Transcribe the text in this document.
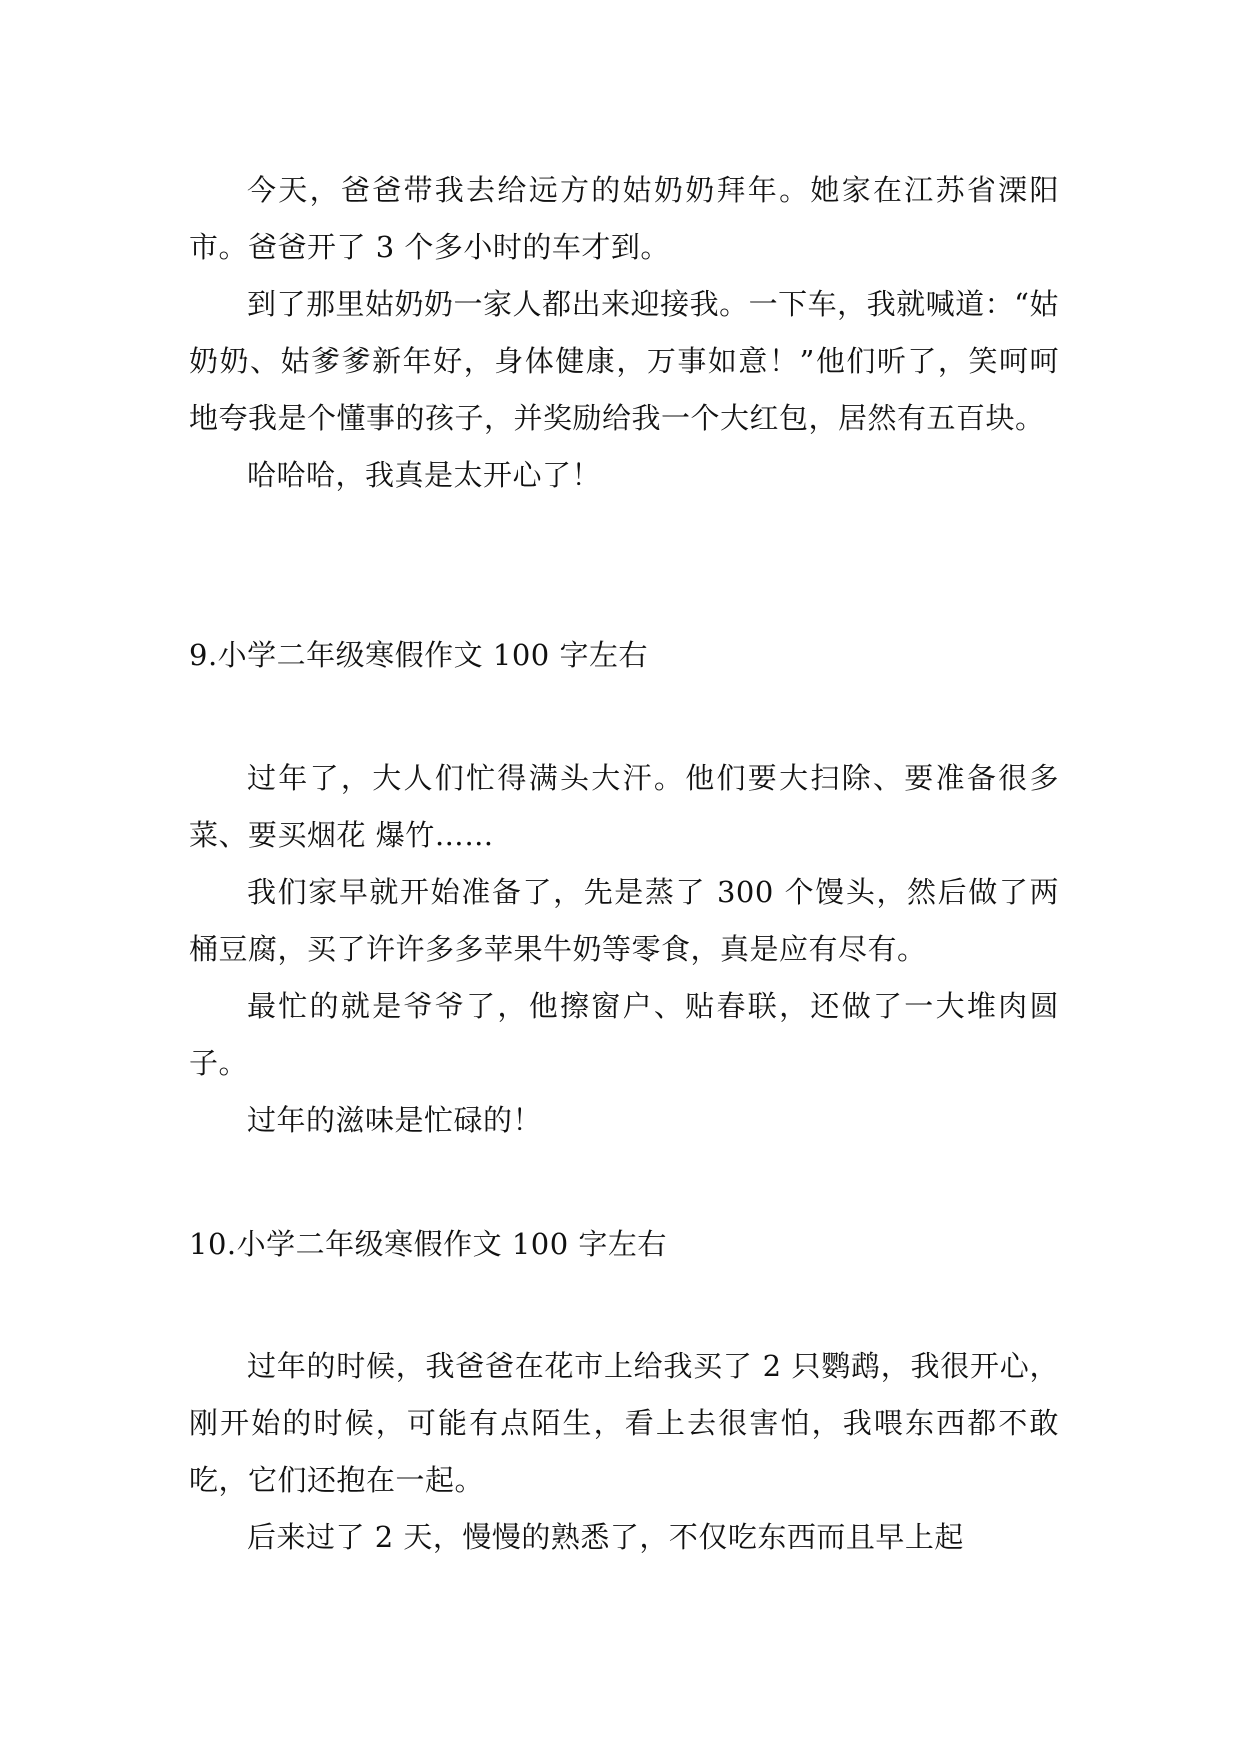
今天，爸爸带我去给远方的姑奶奶拜年。她家在江苏省溧阳市。爸爸开了 3 个多小时的车才到。

到了那里姑奶奶一家人都出来迎接我。一下车，我就喊道：“姑奶奶、姑爹爹新年好，身体健康，万事如意！”他们听了，笑呵呵地夸我是个懂事的孩子，并奖励给我一个大红包，居然有五百块。

哈哈哈，我真是太开心了！

9.小学二年级寒假作文 100 字左右

过年了，大人们忙得满头大汗。他们要大扫除、要准备很多菜、要买烟花 爆竹……

我们家早就开始准备了，先是蒸了 300 个馒头，然后做了两桶豆腐，买了许许多多苹果牛奶等零食，真是应有尽有。

最忙的就是爷爷了，他擦窗户、贴春联，还做了一大堆肉圆子。

过年的滋味是忙碌的！

10.小学二年级寒假作文 100 字左右

过年的时候，我爸爸在花市上给我买了 2 只鹦鹉，我很开心，刚开始的时候，可能有点陌生，看上去很害怕，我喂东西都不敢吃，它们还抱在一起。

后来过了 2 天，慢慢的熟悉了，不仅吃东西而且早上起
